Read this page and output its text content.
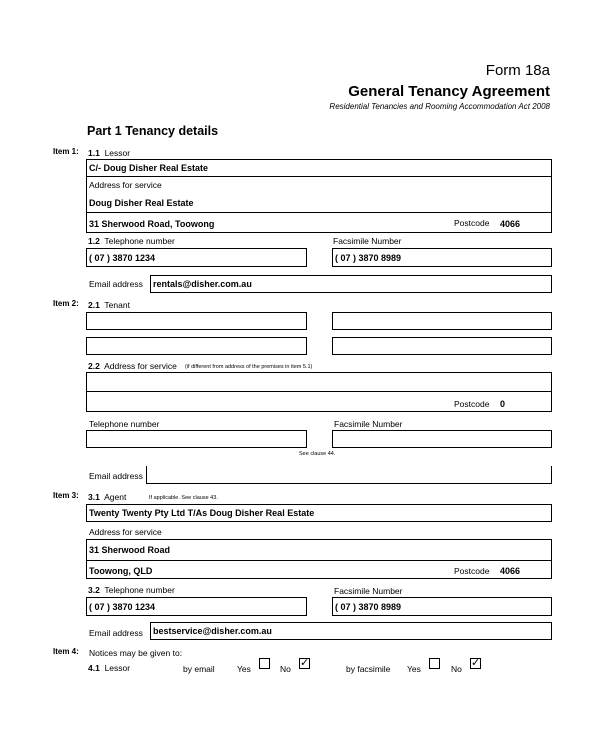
Form 18a
General Tenancy Agreement
Residential Tenancies and Rooming Accommodation Act 2008
Part 1 Tenancy details
Item 1: 1.1 Lessor
C/- Doug Disher Real Estate
Address for service
Doug Disher Real Estate
31 Sherwood Road, Toowong	Postcode 4066
1.2 Telephone number	Facsimile Number
( 07 ) 3870 1234	( 07 ) 3870 8989
Email address rentals@disher.com.au
Item 2: 2.1 Tenant
2.2 Address for service (if different from address of the premises in item 5.1)
Postcode 0
Telephone number	Facsimile Number
See clause 44.
Email address
Item 3: 3.1 Agent	If applicable. See clause 43.
Twenty Twenty Pty Ltd T/As Doug Disher Real Estate
Address for service
31 Sherwood Road
Toowong, QLD	Postcode 4066
3.2 Telephone number	Facsimile Number
( 07 ) 3870 1234	( 07 ) 3870 8989
Email address bestservice@disher.com.au
Item 4: Notices may be given to:
4.1 Lessor	by email	Yes	No ✓	by facsimile Yes	No ✓
